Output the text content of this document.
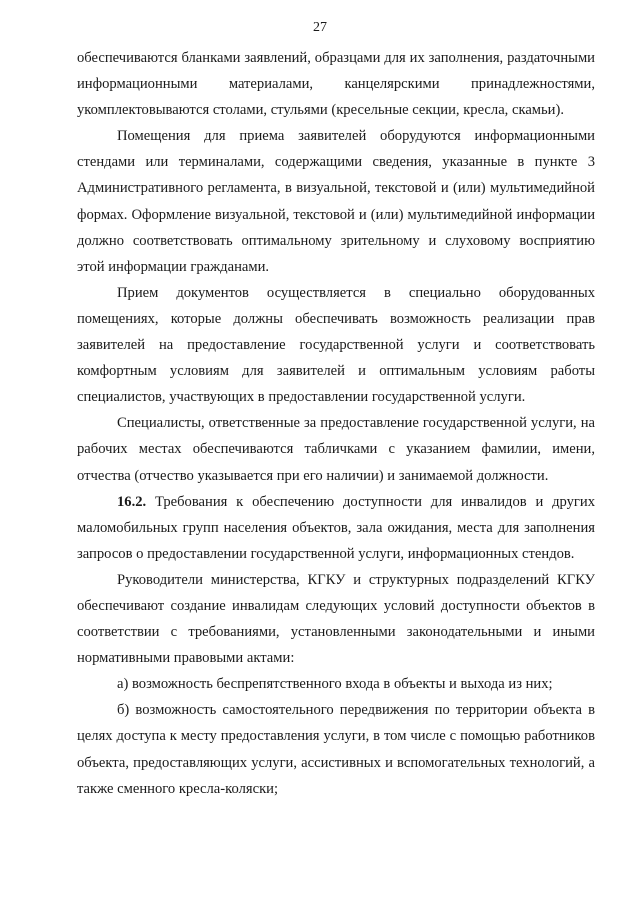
27

обеспечиваются бланками заявлений, образцами для их заполнения, раздаточными информационными материалами, канцелярскими принадлежностями, укомплектовываются столами, стульями (кресельные секции, кресла, скамьи).

Помещения для приема заявителей оборудуются информационными стендами или терминалами, содержащими сведения, указанные в пункте 3 Административного регламента, в визуальной, текстовой и (или) мультимедийной формах. Оформление визуальной, текстовой и (или) мультимедийной информации должно соответствовать оптимальному зрительному и слуховому восприятию этой информации гражданами.

Прием документов осуществляется в специально оборудованных помещениях, которые должны обеспечивать возможность реализации прав заявителей на предоставление государственной услуги и соответствовать комфортным условиям для заявителей и оптимальным условиям работы специалистов, участвующих в предоставлении государственной услуги.

Специалисты, ответственные за предоставление государственной услуги, на рабочих местах обеспечиваются табличками с указанием фамилии, имени, отчества (отчество указывается при его наличии) и занимаемой должности.

16.2. Требования к обеспечению доступности для инвалидов и других маломобильных групп населения объектов, зала ожидания, места для заполнения запросов о предоставлении государственной услуги, информационных стендов.

Руководители министерства, КГКУ и структурных подразделений КГКУ обеспечивают создание инвалидам следующих условий доступности объектов в соответствии с требованиями, установленными законодательными и иными нормативными правовыми актами:

а) возможность беспрепятственного входа в объекты и выхода из них;

б) возможность самостоятельного передвижения по территории объекта в целях доступа к месту предоставления услуги, в том числе с помощью работников объекта, предоставляющих услуги, ассистивных и вспомогательных технологий, а также сменного кресла-коляски;
